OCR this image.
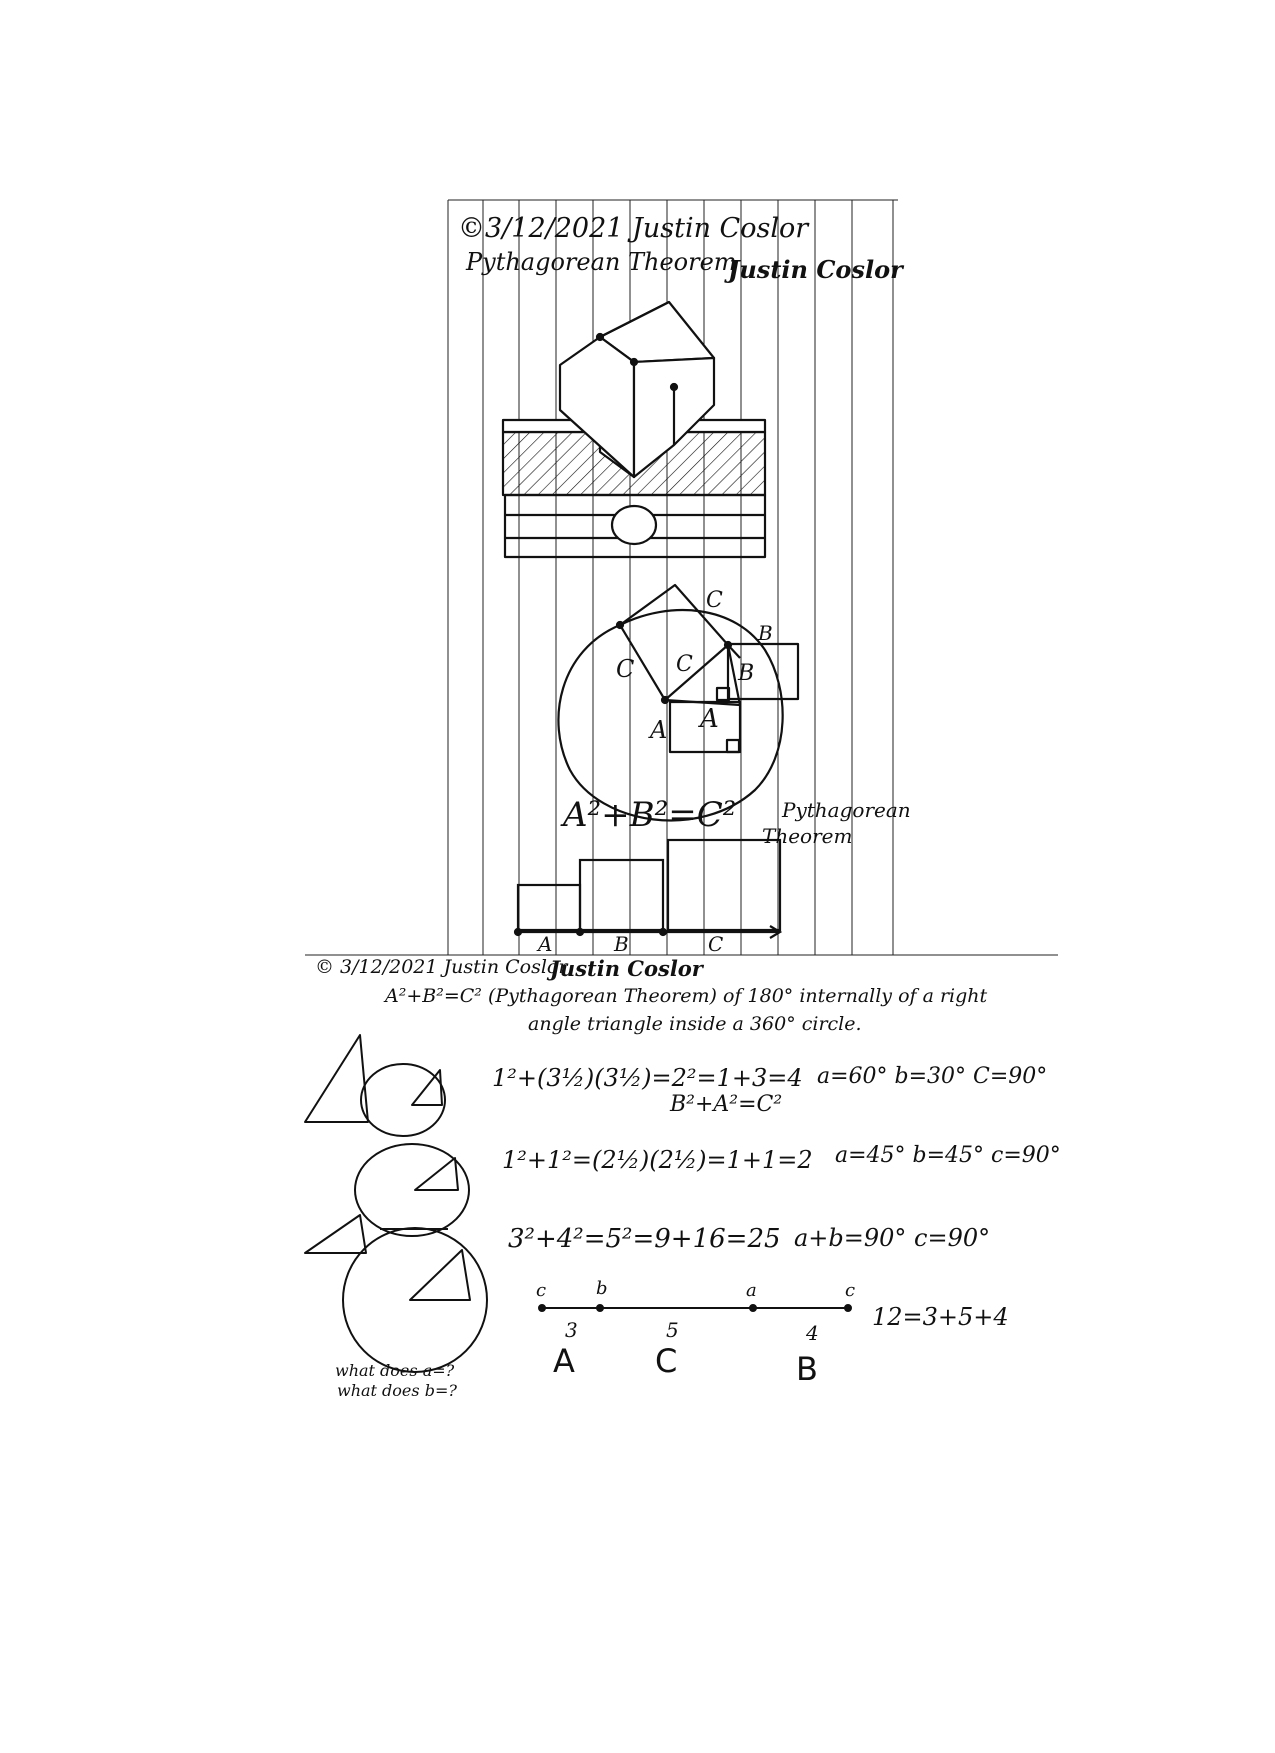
©3/12/2021 Justin Coslor
Pythagorean Theorem
Justin Coslor
C
B
C C B
A A
A²+B²=C² Pythagorean
Theorem
A	B	C
© 3/12/2021 Justin Coslor
Justin Coslor
A²+B²=C² (Pythagorean Theorem) of 180° internally of a right
angle triangle inside a 360° circle.
1²+(3½)(3½)=2²=1+3=4
B²+A²=C²
a=60° b=30° C=90°
1²+1²=(2½)(2½)=1+1=2 a=45° b=45° c=90°
3²+4²=5²=9+16=25 a+b=90° c=90°
c	b	a	c
12=3+5+4
3	5	4
A	C	B
what does a=?
what does b=?
